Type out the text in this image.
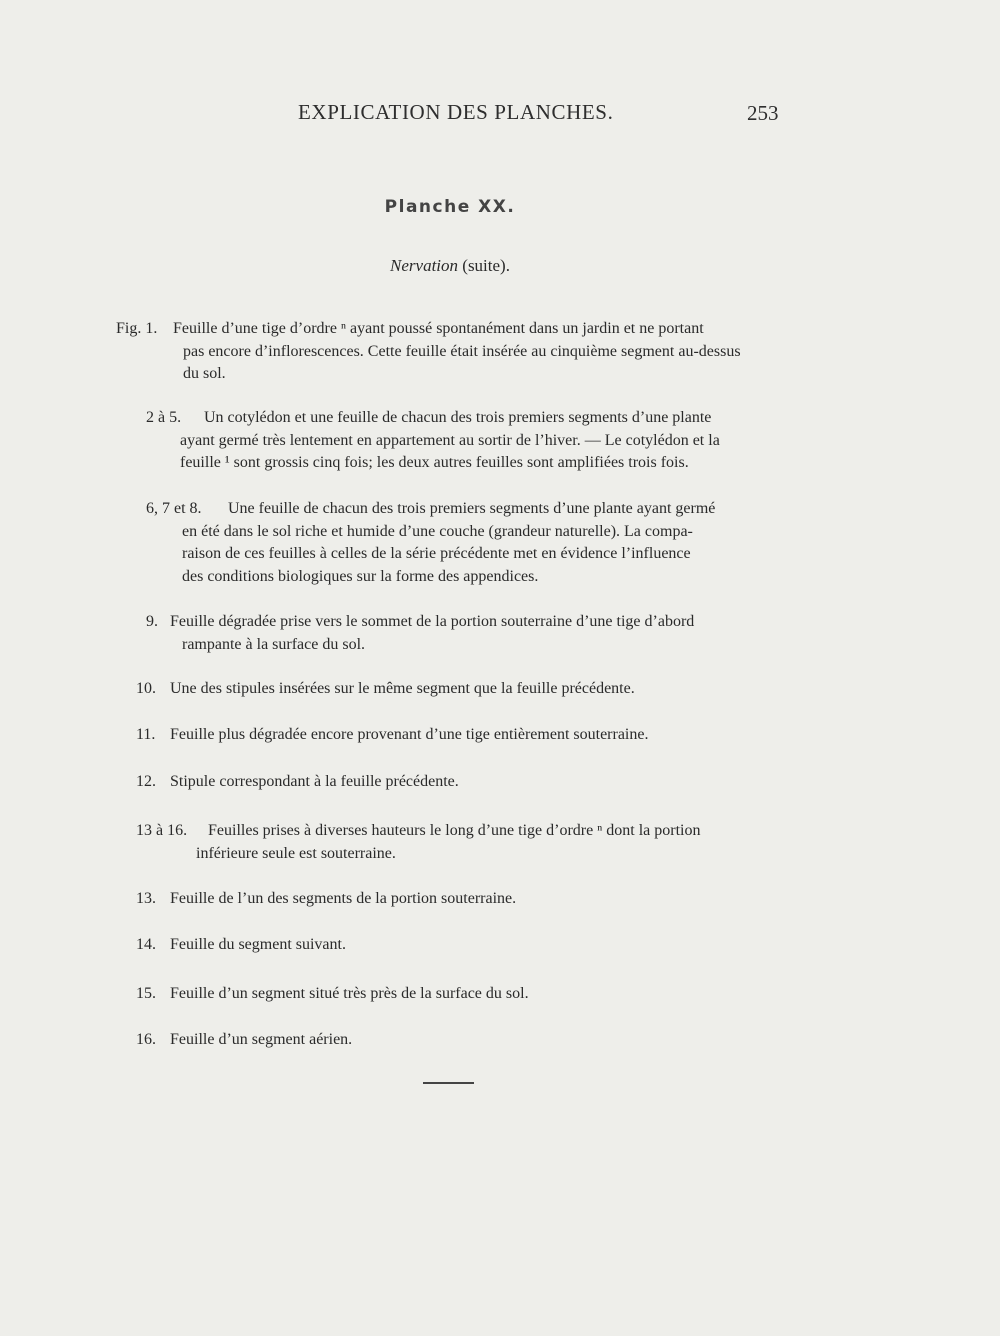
EXPLICATION DES PLANCHES.	253
Planche XX.
Nervation (suite).
Fig. 1. Feuille d’une tige d’ordre ⁿ ayant poussé spontanément dans un jardin et ne portant
pas encore d’inflorescences. Cette feuille était insérée au cinquième segment au-dessus
du sol.
2 à 5. Un cotylédon et une feuille de chacun des trois premiers segments d’une plante
ayant germé très lentement en appartement au sortir de l’hiver. — Le cotylédon et la
feuille ¹ sont grossis cinq fois; les deux autres feuilles sont amplifiées trois fois.
6, 7 et 8. Une feuille de chacun des trois premiers segments d’une plante ayant germé
en été dans le sol riche et humide d’une couche (grandeur naturelle). La compa-
raison de ces feuilles à celles de la série précédente met en évidence l’influence
des conditions biologiques sur la forme des appendices.
9. Feuille dégradée prise vers le sommet de la portion souterraine d’une tige d’abord
rampante à la surface du sol.
10. Une des stipules insérées sur le même segment que la feuille précédente.
11. Feuille plus dégradée encore provenant d’une tige entièrement souterraine.
12. Stipule correspondant à la feuille précédente.
13 à 16. Feuilles prises à diverses hauteurs le long d’une tige d’ordre ⁿ dont la portion
inférieure seule est souterraine.
13. Feuille de l’un des segments de la portion souterraine.
14. Feuille du segment suivant.
15. Feuille d’un segment situé très près de la surface du sol.
16. Feuille d’un segment aérien.
